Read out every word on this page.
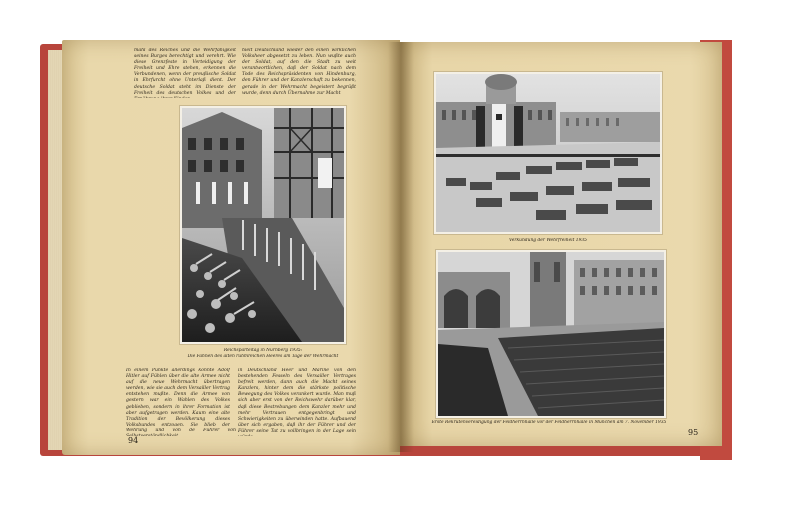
mahl des Reiches und die Wehrfähigkeit seines Burges berechtigt und verehrt. Wie diese Grenzfeste in Verteidigung der Freiheit und Ehre stehen, erkennen die Verbundenen, wenn der preußische Soldat in Ehrfurcht ohne Unterlaß dient. Der deutsche Soldat steht im Dienste der Freiheit des deutschen Volkes und der
hielt Deutschland wieder den einen wirklichen Volksheer abgesetzt zu leben. Nun wußte auch der Soldat, auf den die Stadt zu weit verantwortlichen, daß der Soldat nach dem Tode des Reichspräsidenten von Hindenburg, den Führer und der Kanzlerschaft zu bekennen, gerade in der Wehrmacht begeistert begrüßt wurde, denn durch Übernahme zur Macht
Reichsparteitag in Nürnberg 1935:
Die Fahnen des alten ruhmreichen Heeres am Tage der Wehrmacht
In einem Punkte allerdings konnte Adolf Hitler auf Fühlen über die alte Armee nicht auf die neue Wehrmacht übertragen werden, wie sie auch dem Versailler Vertrag entstehen mußte. Denn die Armee von gestern war ein Wahlen des Volkes geblieben, sondern in ihrer Formation ist aber aufgetragen werden. Kaum eine alte Tradition der Bevölkerung dieses Volksbundes entzogen. Sie blieb der
in Deutschland Heer und Marine von den bestehenden Fesseln des Versailler Vertrages befreit werden, dann auch die Macht seines Kanzlers, hinter dem die stärkste politische Bewegung des Volkes verankert wurde. Man muß sich aber erst von der Reichswehr darüber klar, daß diese Bestrebungen dem Kanzler mehr und mehr Vertrauen entgegenbringt und Schwierigkeiten zu überwinden hatte. Aufbauend über sich ergaben, daß ihr der Führer und der Führer seine Tat zu vollbringen in der Lage sein
Wehrung und von de Führer von
94
Verkündung der Wehrfreiheit 1935
Erste Rekrutenvereidigung der Feldherrnhalle vor der Feldherrnhalle in München am 7. November 1935
95
